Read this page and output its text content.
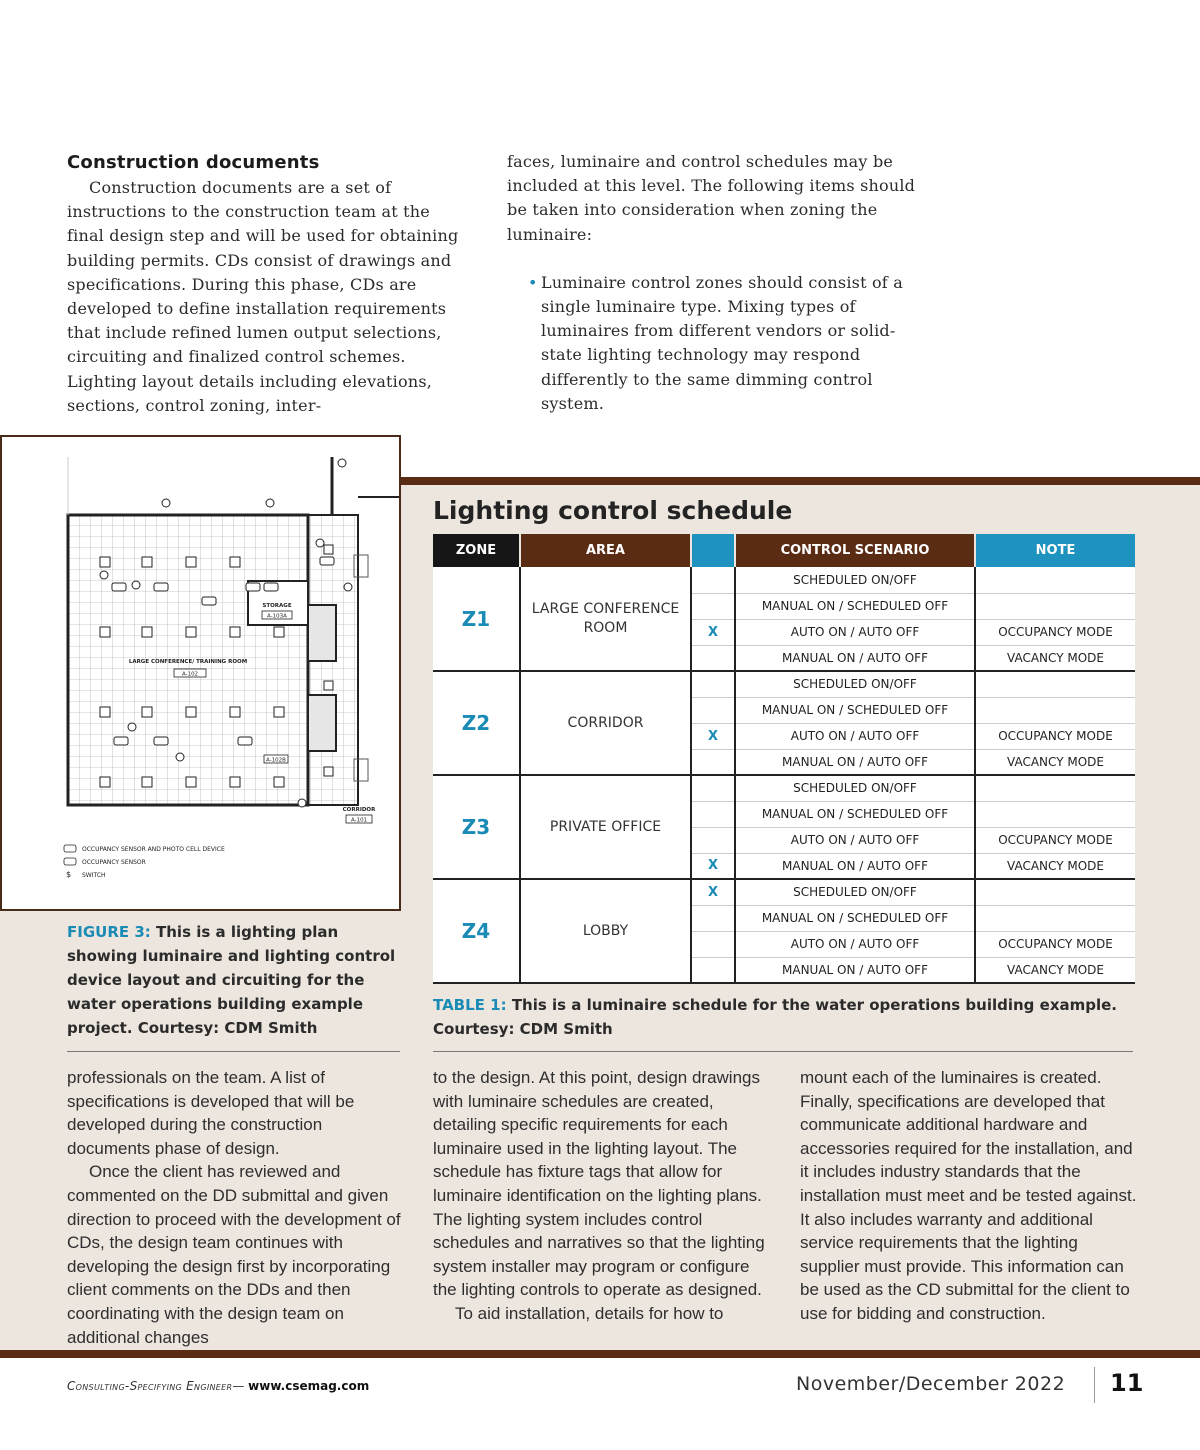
Construction documents

Construction documents are a set of instructions to the construction team at the final design step and will be used for obtaining building permits. CDs consist of drawings and specifications. During this phase, CDs are developed to define installation requirements that include refined lumen output selections, circuiting and finalized control schemes. Lighting layout details including elevations, sections, control zoning, inter-

faces, luminaire and control schedules may be included at this level. The following items should be taken into consideration when zoning the luminaire:

• Luminaire control zones should consist of a single luminaire type. Mixing types of luminaires from different vendors or solid-state lighting technology may respond differently to the same dimming control system.
LARGE CONFERENCE/ TRAINING ROOM
A-102
STORAGE
A-103A
A-102B
CORRIDOR
A-101
OCCUPANCY SENSOR AND PHOTO CELL DEVICE
OCCUPANCY SENSOR
$ SWITCH
FIGURE 3: This is a lighting plan showing luminaire and lighting control device layout and circuiting for the water operations building example project. Courtesy: CDM Smith
Lighting control schedule
ZONE	AREA		CONTROL SCENARIO	NOTE
Z1	LARGE CONFERENCE ROOM		SCHEDULED ON/OFF	
			MANUAL ON / SCHEDULED OFF	
		X	AUTO ON / AUTO OFF	OCCUPANCY MODE
			MANUAL ON / AUTO OFF	VACANCY MODE
Z2	CORRIDOR		SCHEDULED ON/OFF	
			MANUAL ON / SCHEDULED OFF	
		X	AUTO ON / AUTO OFF	OCCUPANCY MODE
			MANUAL ON / AUTO OFF	VACANCY MODE
Z3	PRIVATE OFFICE		SCHEDULED ON/OFF	
			MANUAL ON / SCHEDULED OFF	
			AUTO ON / AUTO OFF	OCCUPANCY MODE
		X	MANUAL ON / AUTO OFF	VACANCY MODE
Z4	LOBBY	X	SCHEDULED ON/OFF	
			MANUAL ON / SCHEDULED OFF	
			AUTO ON / AUTO OFF	OCCUPANCY MODE
			MANUAL ON / AUTO OFF	VACANCY MODE
TABLE 1: This is a luminaire schedule for the water operations building example. Courtesy: CDM Smith

professionals on the team. A list of specifications is developed that will be developed during the construction documents phase of design.

Once the client has reviewed and commented on the DD submittal and given direction to proceed with the development of CDs, the design team continues with developing the design first by incorporating client comments on the DDs and then coordinating with the design team on additional changes

to the design. At this point, design drawings with luminaire schedules are created, detailing specific requirements for each luminaire used in the lighting layout. The schedule has fixture tags that allow for luminaire identification on the lighting plans. The lighting system includes control schedules and narratives so that the lighting system installer may program or configure the lighting controls to operate as designed.

To aid installation, details for how to

mount each of the luminaires is created. Finally, specifications are developed that communicate additional hardware and accessories required for the installation, and it includes industry standards that the installation must meet and be tested against. It also includes warranty and additional service requirements that the lighting supplier must provide. This information can be used as the CD submittal for the client to use for bidding and construction.

Consulting-Specifying Engineer— www.csemag.com	November/December 2022 11
